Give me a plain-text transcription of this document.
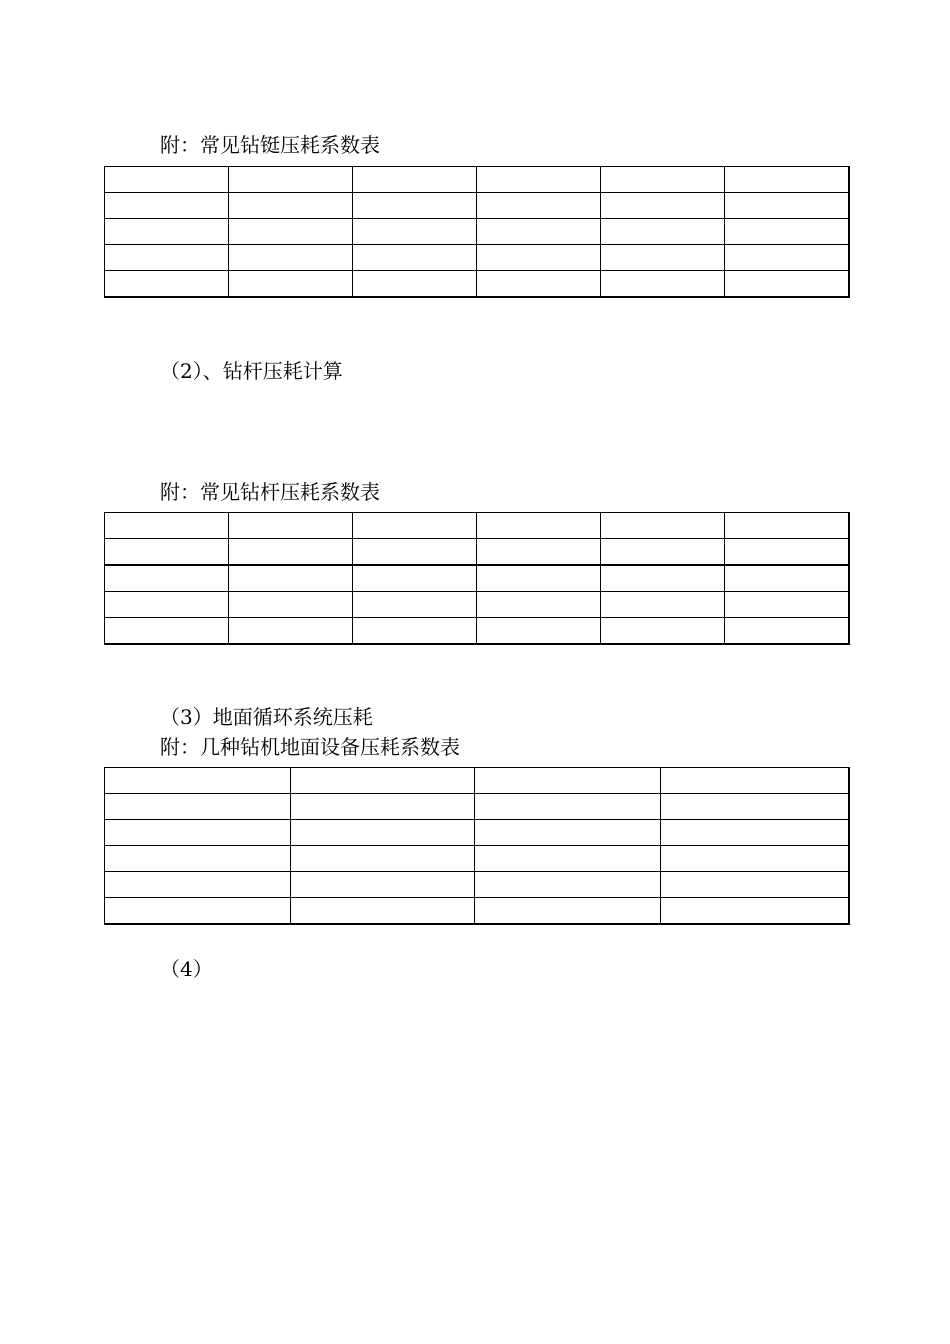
附：常见钻铤压耗系数表

（2）、钻杆压耗计算
附：常见钻杆压耗系数表

（3）地面循环系统压耗
附：几种钻机地面设备压耗系数表

（4）
